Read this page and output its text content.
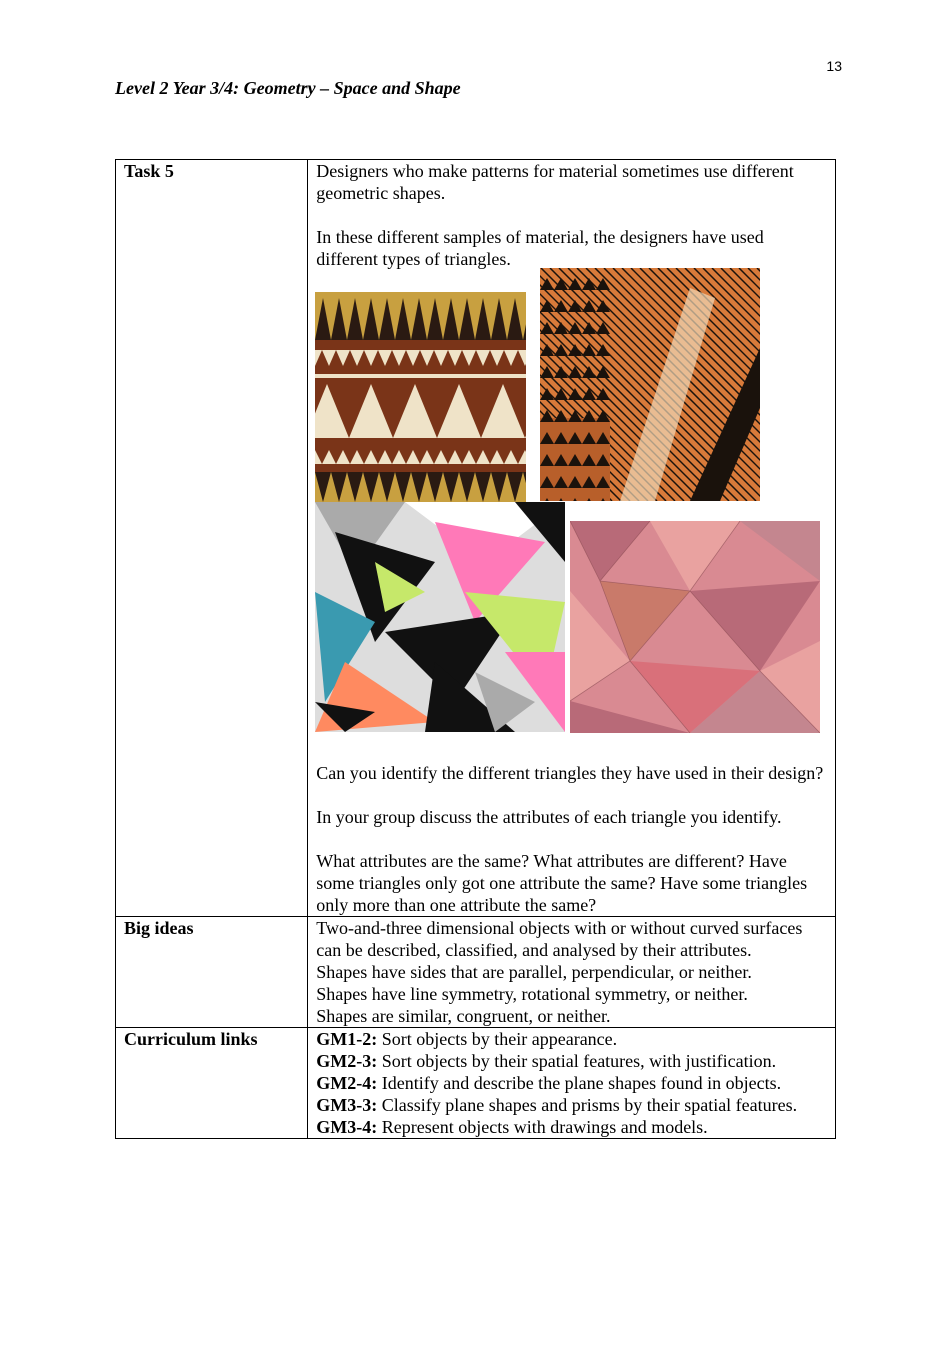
13
Level 2 Year 3/4: Geometry – Space and Shape
Task 5	Designers who make patterns for material sometimes use different geometric shapes.

In these different samples of material, the designers have used different types of triangles.

Can you identify the different triangles they have used in their design?

In your group discuss the attributes of each triangle you identify.

What attributes are the same? What attributes are different? Have some triangles only got one attribute the same? Have some triangles only more than one attribute the same?

Big ideas	Two-and-three dimensional objects with or without curved surfaces can be described, classified, and analysed by their attributes.

Shapes have sides that are parallel, perpendicular, or neither.

Shapes have line symmetry, rotational symmetry, or neither.

Shapes are similar, congruent, or neither.

Curriculum links	GM1-2: Sort objects by their appearance.

GM2-3: Sort objects by their spatial features, with justification.

GM2-4: Identify and describe the plane shapes found in objects.

GM3-3: Classify plane shapes and prisms by their spatial features.

GM3-4: Represent objects with drawings and models.
